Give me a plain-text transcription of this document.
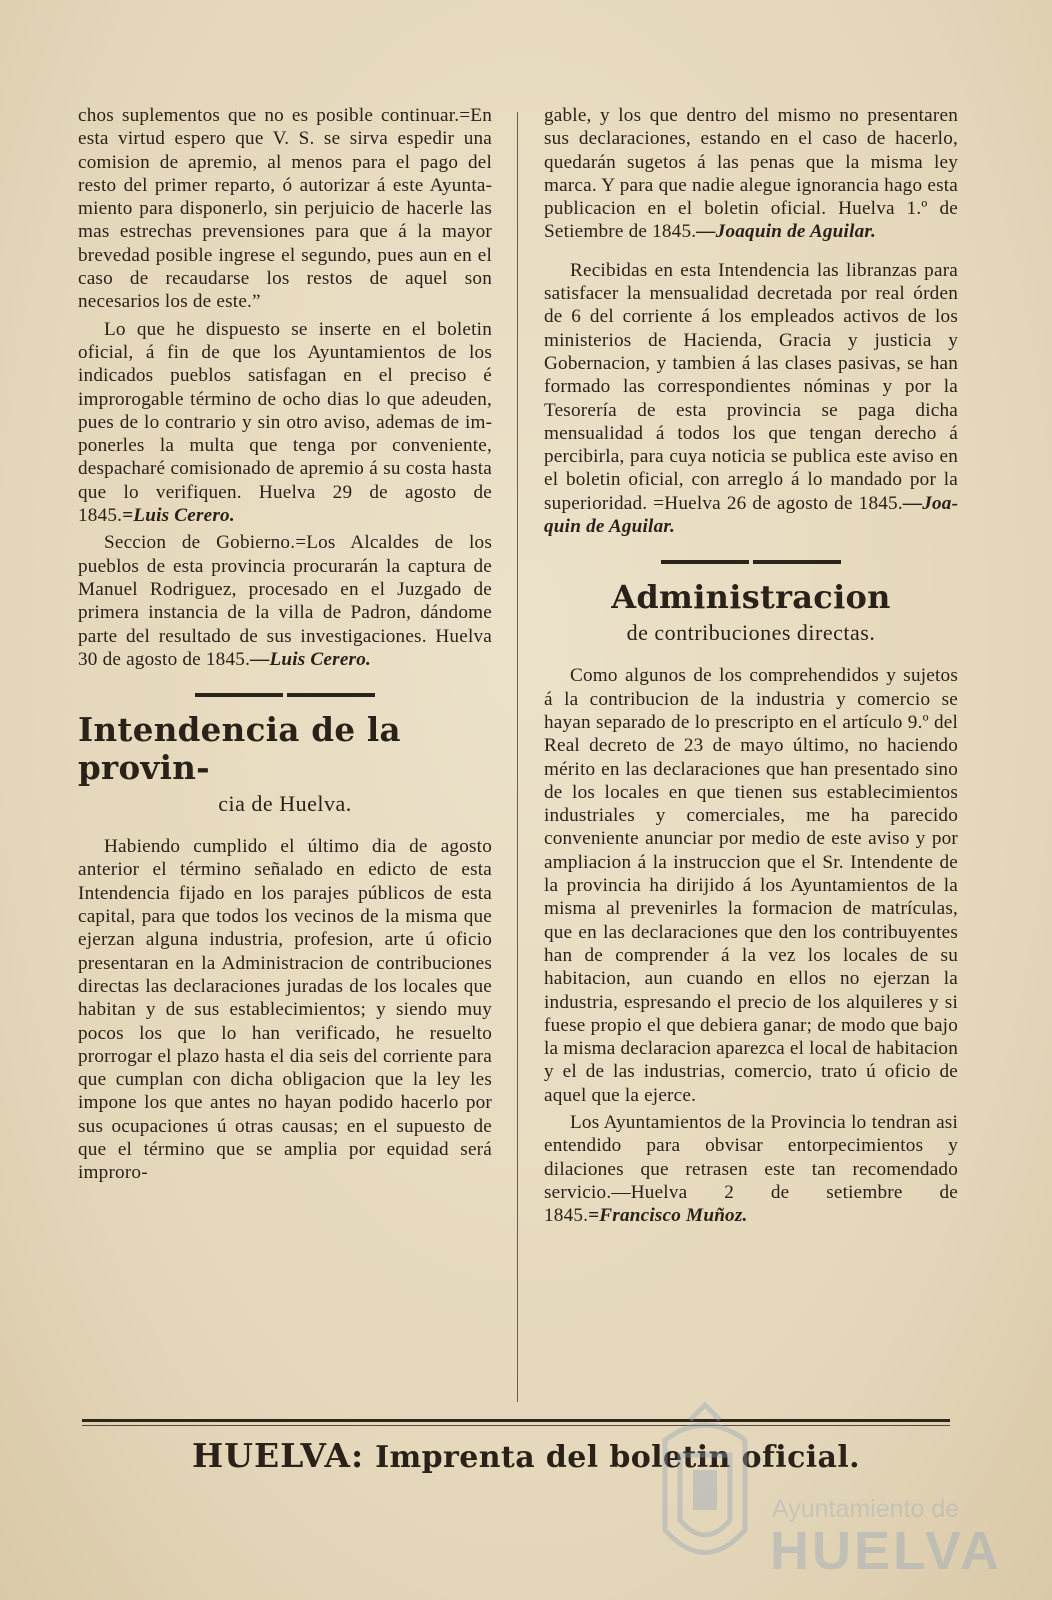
chos suplementos que no es posible continuar.=En esta virtud espero que V. S. se sirva espedir una comision de apremio, al menos para el pago del resto del primer reparto, ó autorizar á este Ayuntamiento para disponerlo, sin perjuicio de hacerle las mas estrechas prevensiones para que á la mayor brevedad posible ingrese el segundo, pues aun en el caso de recaudarse los restos de aquel son necesarios los de este.”

Lo que he dispuesto se inserte en el boletin oficial, á fin de que los Ayuntamientos de los indicados pueblos satisfagan en el preciso é improrogable término de ocho dias lo que adeuden, pues de lo contrario y sin otro aviso, ademas de imponerles la multa que tenga por conveniente, despacharé comisionado de apremio á su costa hasta que lo verifiquen. Huelva 29 de agosto de 1845.=Luis Cerero.

Seccion de Gobierno.=Los Alcaldes de los pueblos de esta provincia procurarán la captura de Manuel Rodriguez, procesado en el Juzgado de primera instancia de la villa de Padron, dándome parte del resultado de sus investigaciones. Huelva 30 de agosto de 1845.—Luis Cerero.

Intendencia de la provin-

cia de Huelva.

Habiendo cumplido el último dia de agosto anterior el término señalado en edicto de esta Intendencia fijado en los parajes públicos de esta capital, para que todos los vecinos de la misma que ejerzan alguna industria, profesion, arte ú oficio presentaran en la Administracion de contribuciones directas las declaraciones juradas de los locales que habitan y de sus establecimientos; y siendo muy pocos los que lo han verificado, he resuelto prorrogar el plazo hasta el dia seis del corriente para que cumplan con dicha obligacion que la ley les impone los que antes no hayan podido hacerlo por sus ocupaciones ú otras causas; en el supuesto de que el término que se amplia por equidad será improro-

gable, y los que dentro del mismo no presentaren sus declaraciones, estando en el caso de hacerlo, quedarán sugetos á las penas que la misma ley marca. Y para que nadie alegue ignorancia hago esta publicacion en el boletin oficial. Huelva 1.º de Setiembre de 1845.—Joaquin de Aguilar.

Recibidas en esta Intendencia las libranzas para satisfacer la mensualidad decretada por real órden de 6 del corriente á los empleados activos de los ministerios de Hacienda, Gracia y justicia y Gobernacion, y tambien á las clases pasivas, se han formado las correspondientes nóminas y por la Tesorería de esta provincia se paga dicha mensualidad á todos los que tengan derecho á percibirla, para cuya noticia se publica este aviso en el boletin oficial, con arreglo á lo mandado por la superioridad. =Huelva 26 de agosto de 1845.—Joaquin de Aguilar.

Administracion

de contribuciones directas.

Como algunos de los comprehendidos y sujetos á la contribucion de la industria y comercio se hayan separado de lo prescripto en el artículo 9.º del Real decreto de 23 de mayo último, no haciendo mérito en las declaraciones que han presentado sino de los locales en que tienen sus establecimientos industriales y comerciales, me ha parecido conveniente anunciar por medio de este aviso y por ampliacion á la instruccion que el Sr. Intendente de la provincia ha dirijido á los Ayuntamientos de la misma al prevenirles la formacion de matrículas, que en las declaraciones que den los contribuyentes han de comprender á la vez los locales de su habitacion, aun cuando en ellos no ejerzan la industria, espresando el precio de los alquileres y si fuese propio el que debiera ganar; de modo que bajo la misma declaracion aparezca el local de habitacion y el de las industrias, comercio, trato ú oficio de aquel que la ejerce.

Los Ayuntamientos de la Provincia lo tendran asi entendido para obvisar entorpecimientos y dilaciones que retrasen este tan recomendado servicio.—Huelva 2 de setiembre de 1845.=Francisco Muñoz.

HUELVA: Imprenta del boletin oficial.
Ayuntamiento de
HUELVA
